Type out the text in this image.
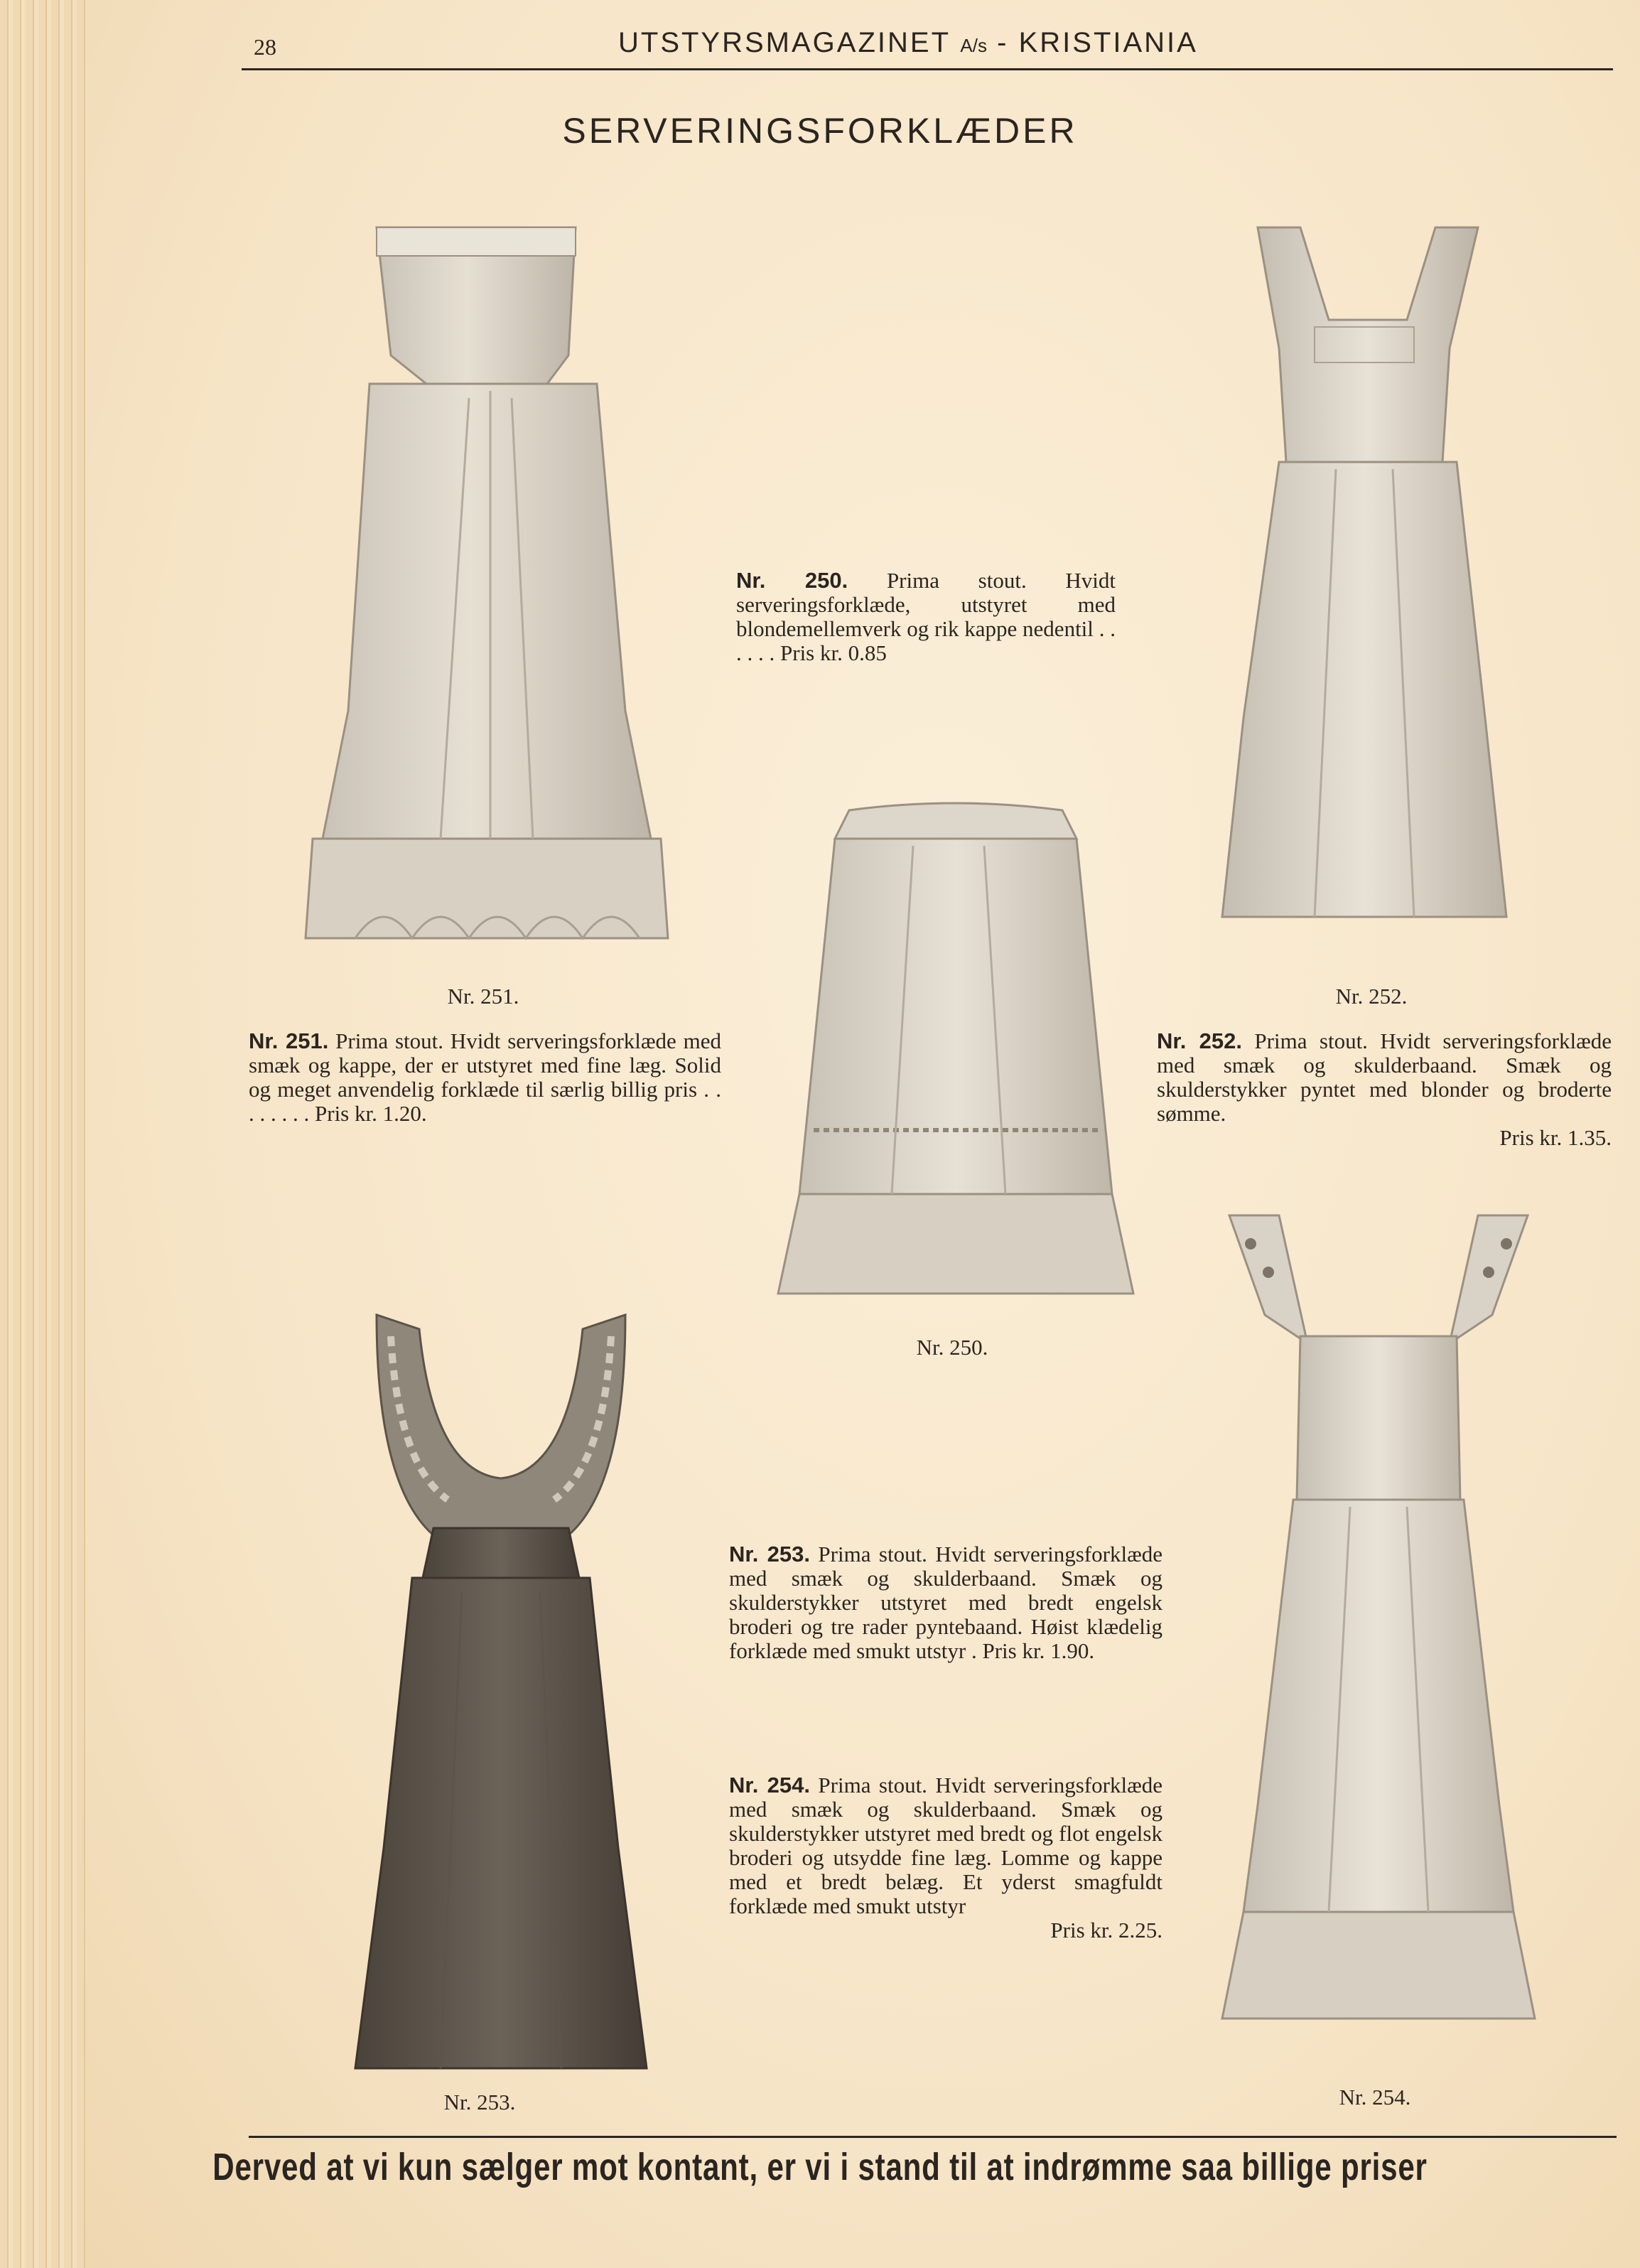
28	UTSTYRSMAGAZINET A/s - KRISTIANIA
SERVERINGSFORKLÆDER
Nr. 251.

Nr. 250. Prima stout. Hvidt serveringsforklæde, utstyret med blondemellemverk og rik kappe nedentil . . . . . . Pris kr. 0.85

Nr. 252.

Nr. 251. Prima stout. Hvidt serveringsforklæde med smæk og kappe, der er utstyret med fine læg. Solid og meget anvendelig forklæde til særlig billig pris . . . . . . . . Pris kr. 1.20.

Nr. 252. Prima stout. Hvidt serveringsforklæde med smæk og skulderbaand. Smæk og skulderstykker pyntet med blonder og broderte sømme.

Pris kr. 1.35.

Nr. 250.
Nr. 253.

Nr. 253. Prima stout. Hvidt serveringsforklæde med smæk og skulderbaand. Smæk og skulderstykker utstyret med bredt engelsk broderi og tre rader pyntebaand. Høist klædelig forklæde med smukt utstyr . Pris kr. 1.90.

Nr. 254. Prima stout. Hvidt serveringsforklæde med smæk og skulderbaand. Smæk og skulderstykker utstyret med bredt og flot engelsk broderi og utsydde fine læg. Lomme og kappe med et bredt belæg. Et yderst smagfuldt forklæde med smukt utstyr

Pris kr. 2.25.

Nr. 254.
Derved at vi kun sælger mot kontant, er vi i stand til at indrømme saa billige priser
